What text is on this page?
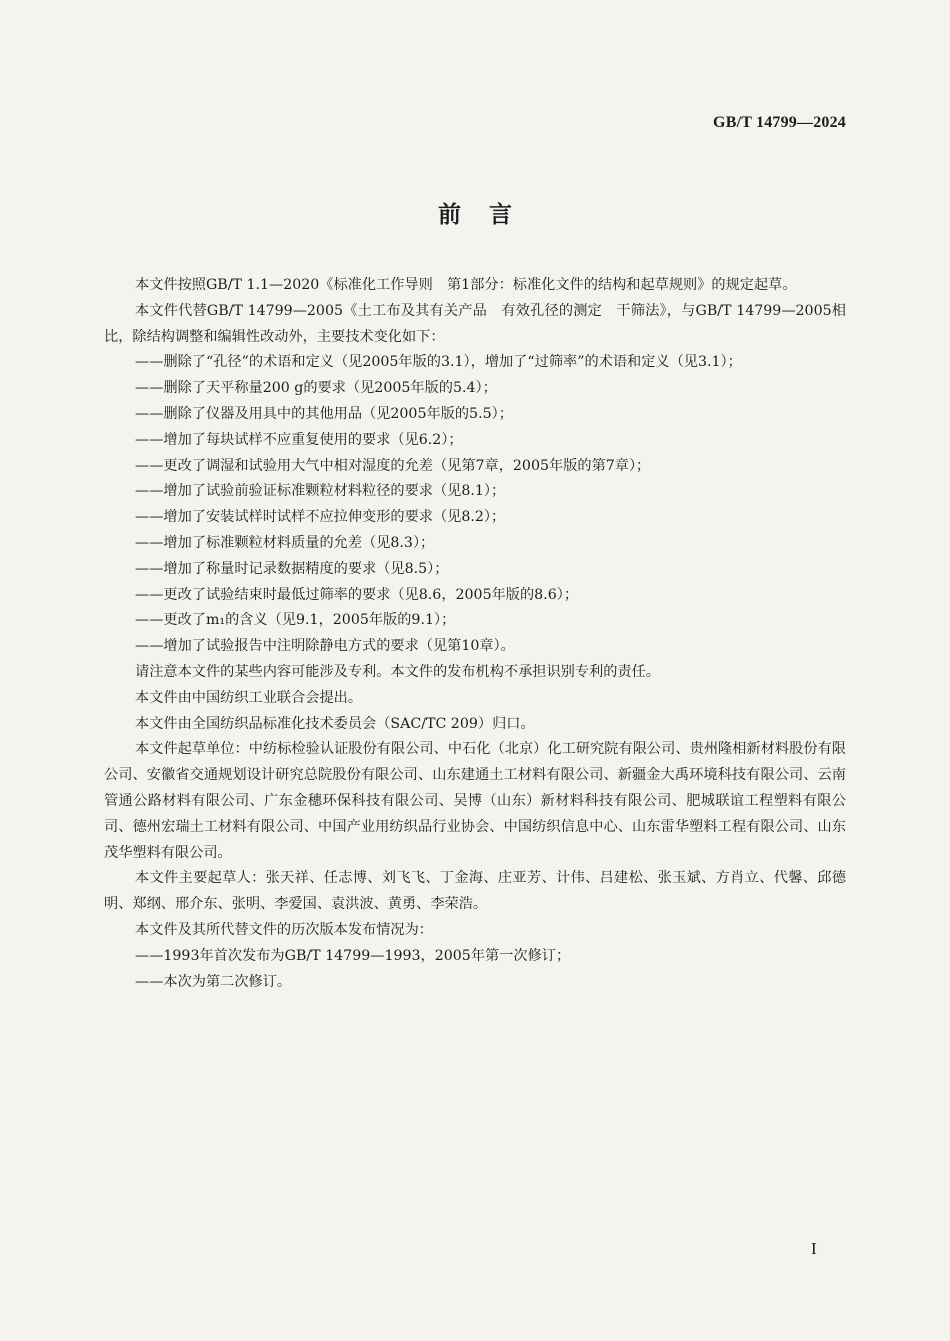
GB/T 14799—2024
前言

本文件按照GB/T 1.1—2020《标准化工作导则　第1部分：标准化文件的结构和起草规则》的规定起草。

本文件代替GB/T 14799—2005《土工布及其有关产品　有效孔径的测定　干筛法》，与GB/T 14799—2005相比，除结构调整和编辑性改动外，主要技术变化如下：

——删除了“孔径”的术语和定义（见2005年版的3.1），增加了“过筛率”的术语和定义（见3.1）；

——删除了天平称量200 g的要求（见2005年版的5.4）；

——删除了仪器及用具中的其他用品（见2005年版的5.5）；

——增加了每块试样不应重复使用的要求（见6.2）；

——更改了调湿和试验用大气中相对湿度的允差（见第7章，2005年版的第7章）；

——增加了试验前验证标准颗粒材料粒径的要求（见8.1）；

——增加了安装试样时试样不应拉伸变形的要求（见8.2）；

——增加了标准颗粒材料质量的允差（见8.3）；

——增加了称量时记录数据精度的要求（见8.5）；

——更改了试验结束时最低过筛率的要求（见8.6，2005年版的8.6）；

——更改了m₁的含义（见9.1，2005年版的9.1）；

——增加了试验报告中注明除静电方式的要求（见第10章）。

请注意本文件的某些内容可能涉及专利。本文件的发布机构不承担识别专利的责任。

本文件由中国纺织工业联合会提出。

本文件由全国纺织品标准化技术委员会（SAC/TC 209）归口。

本文件起草单位：中纺标检验认证股份有限公司、中石化（北京）化工研究院有限公司、贵州隆相新材料股份有限公司、安徽省交通规划设计研究总院股份有限公司、山东建通土工材料有限公司、新疆金大禹环境科技有限公司、云南管通公路材料有限公司、广东金穗环保科技有限公司、吴博（山东）新材料科技有限公司、肥城联谊工程塑料有限公司、德州宏瑞土工材料有限公司、中国产业用纺织品行业协会、中国纺织信息中心、山东雷华塑料工程有限公司、山东茂华塑料有限公司。

本文件主要起草人：张天祥、任志博、刘飞飞、丁金海、庄亚芳、计伟、吕建松、张玉斌、方肖立、代馨、邱德明、郑纲、邢介东、张明、李爱国、袁洪波、黄勇、李荣浩。

本文件及其所代替文件的历次版本发布情况为：

——1993年首次发布为GB/T 14799—1993，2005年第一次修订；

——本次为第二次修订。

I
